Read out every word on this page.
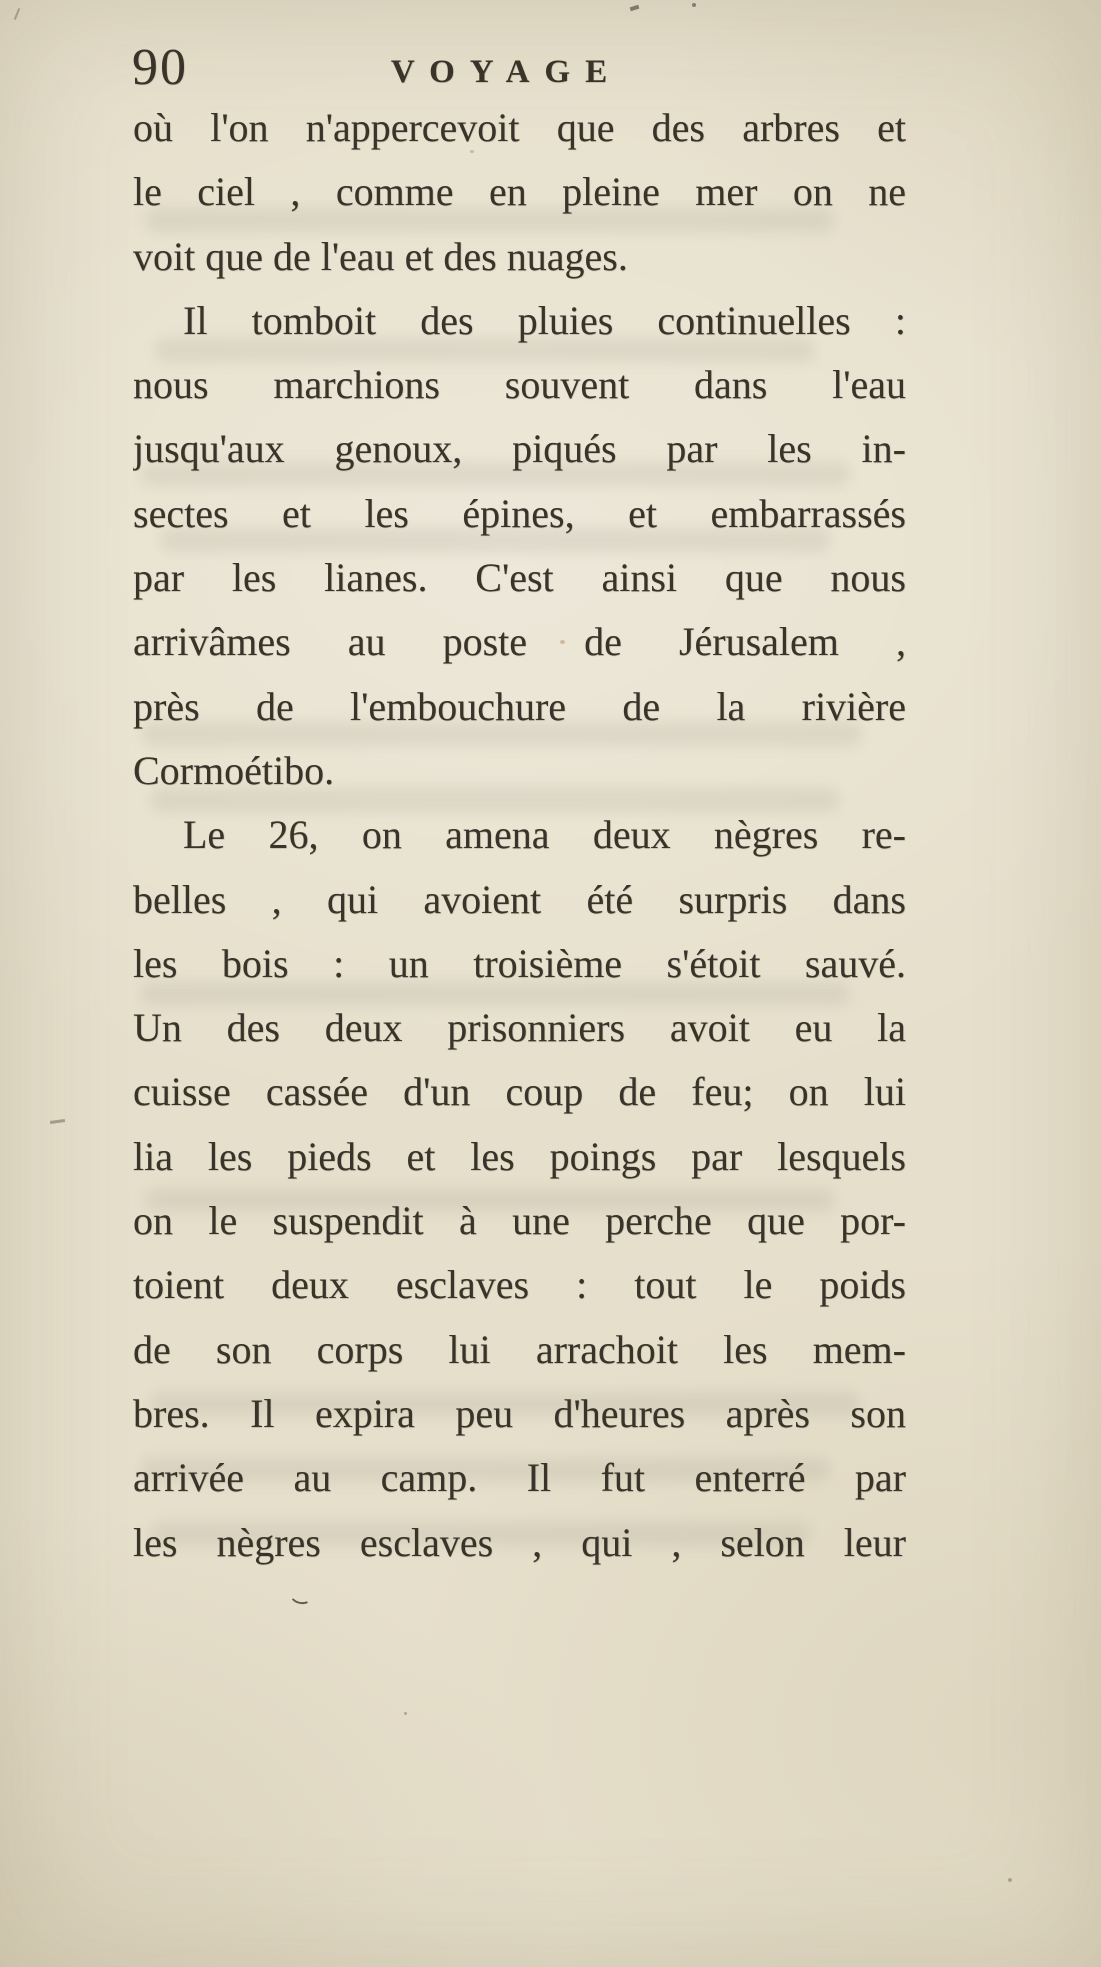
90	VOYAGE
où l'on n'appercevoit que des arbres et
le ciel , comme en pleine mer on ne
voit que de l'eau et des nuages.
Il tomboit des pluies continuelles :
nous marchions souvent dans l'eau
jusqu'aux genoux, piqués par les in-
sectes et les épines, et embarrassés
par les lianes. C'est ainsi que nous
arrivâmes au poste de Jérusalem ,
près de l'embouchure de la rivière
Cormoétibo.
Le 26, on amena deux nègres re-
belles , qui avoient été surpris dans
les bois : un troisième s'étoit sauvé.
Un des deux prisonniers avoit eu la
cuisse cassée d'un coup de feu; on lui
lia les pieds et les poings par lesquels
on le suspendit à une perche que por-
toient deux esclaves : tout le poids
de son corps lui arrachoit les mem-
bres. Il expira peu d'heures après son
arrivée au camp. Il fut enterré par
les nègres esclaves , qui , selon leur
